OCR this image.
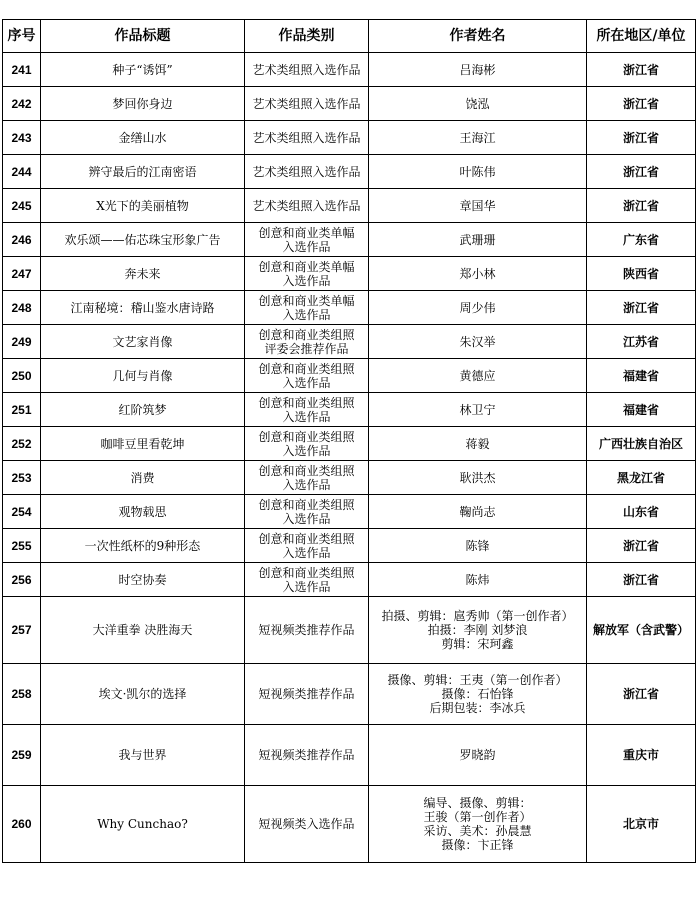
序号	作品标题	作品类别	作者姓名	所在地区/单位
241	种子“诱饵”	艺术类组照入选作品	吕海彬	浙江省
242	梦回你身边	艺术类组照入选作品	饶泓	浙江省
243	金缮山水	艺术类组照入选作品	王海江	浙江省
244	辨守最后的江南密语	艺术类组照入选作品	叶陈伟	浙江省
245	X光下的美丽植物	艺术类组照入选作品	章国华	浙江省
246	欢乐颂——佑芯珠宝形象广告	创意和商业类单幅
入选作品	武珊珊	广东省
247	奔未来	创意和商业类单幅
入选作品	郑小林	陕西省
248	江南秘境：稽山鉴水唐诗路	创意和商业类单幅
入选作品	周少伟	浙江省
249	文艺家肖像	创意和商业类组照
评委会推荐作品	朱汉举	江苏省
250	几何与肖像	创意和商业类组照
入选作品	黄德应	福建省
251	红阶筑梦	创意和商业类组照
入选作品	林卫宁	福建省
252	咖啡豆里看乾坤	创意和商业类组照
入选作品	蒋毅	广西壮族自治区
253	消费	创意和商业类组照
入选作品	耿洪杰	黑龙江省
254	观物载思	创意和商业类组照
入选作品	鞠尚志	山东省
255	一次性纸杯的9种形态	创意和商业类组照
入选作品	陈锋	浙江省
256	时空协奏	创意和商业类组照
入选作品	陈炜	浙江省
257	大洋重拳 决胜海天	短视频类推荐作品	拍摄、剪辑：扈秀帅（第一创作者）
拍摄：李刚 刘梦浪
剪辑：宋珂鑫	解放军（含武警）
258	埃文·凯尔的选择	短视频类推荐作品	摄像、剪辑：王夷（第一创作者）
摄像：石怡锋
后期包装：李冰兵	浙江省
259	我与世界	短视频类推荐作品	罗晓韵	重庆市
260	Why Cunchao?	短视频类入选作品	编导、摄像、剪辑：
王骏（第一创作者）
采访、美术：孙晨慧
摄像：卞正锋	北京市
